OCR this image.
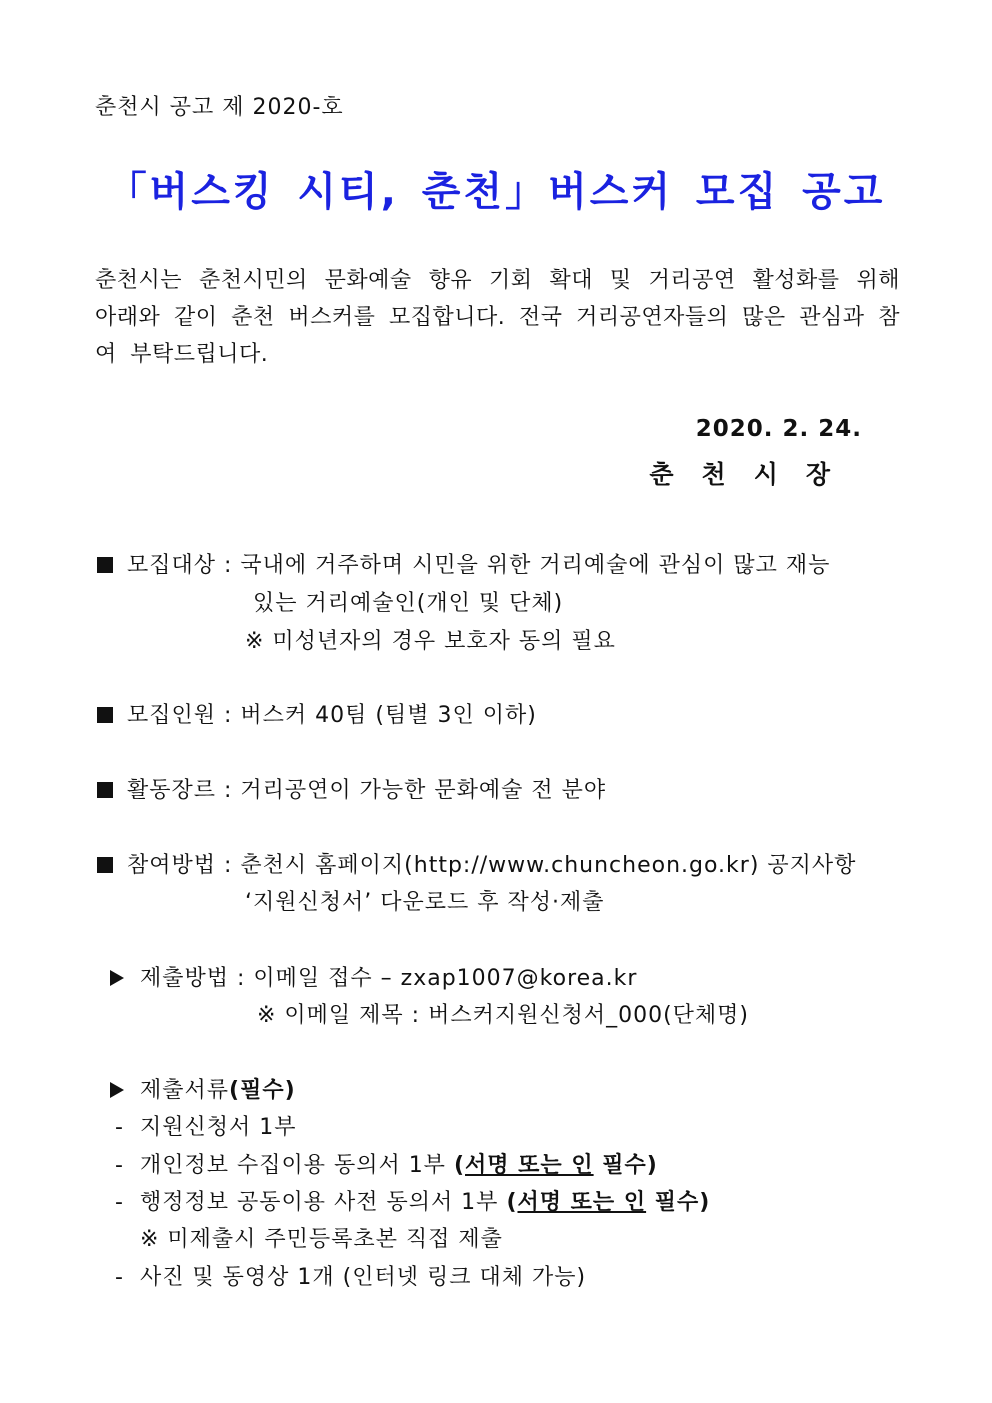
춘천시 공고 제 2020-호
「버스킹 시티, 춘천」버스커 모집 공고
춘천시는 춘천시민의 문화예술 향유 기회 확대 및 거리공연 활성화를 위해 아래와 같이 춘천 버스커를 모집합니다. 전국 거리공연자들의 많은 관심과 참여 부탁드립니다.
2020. 2. 24.
춘천시장
모집대상 : 국내에 거주하며 시민을 위한 거리예술에 관심이 많고 재능
있는 거리예술인(개인 및 단체)
※ 미성년자의 경우 보호자 동의 필요
모집인원 : 버스커 40팀 (팀별 3인 이하)
활동장르 : 거리공연이 가능한 문화예술 전 분야
참여방법 : 춘천시 홈페이지(http://www.chuncheon.go.kr) 공지사항
‘지원신청서’ 다운로드 후 작성·제출
제출방법 : 이메일 접수 – zxap1007@korea.kr
※ 이메일 제목 : 버스커지원신청서_000(단체명)
제출서류(필수)
-  지원신청서 1부
-  개인정보 수집이용 동의서 1부 (서명 또는 인 필수)
-  행정정보 공동이용 사전 동의서 1부 (서명 또는 인 필수)
※ 미제출시 주민등록초본 직접 제출
-  사진 및 동영상 1개 (인터넷 링크 대체 가능)
